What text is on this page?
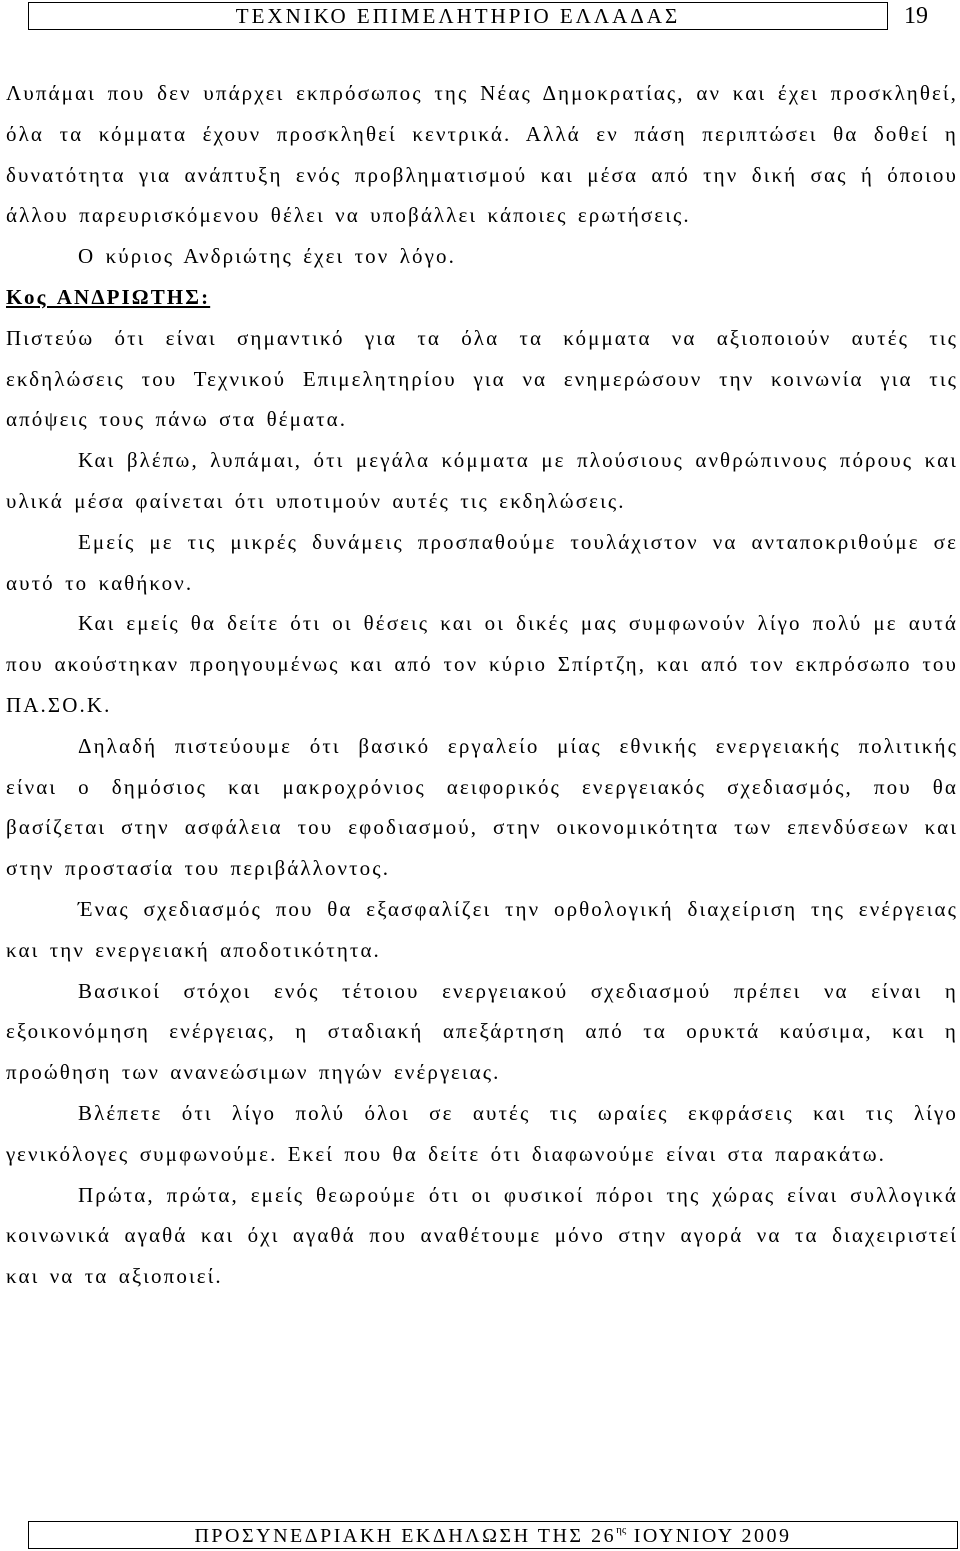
ΤΕΧΝΙΚΟ ΕΠΙΜΕΛΗΤΗΡΙΟ ΕΛΛΑΔΑΣ	19

Λυπάμαι που δεν υπάρχει εκπρόσωπος της Νέας Δημοκρατίας, αν και έχει προσκληθεί, όλα τα κόμματα έχουν προσκληθεί κεντρικά. Αλλά εν πάση περιπτώσει θα δοθεί η δυνατότητα για ανάπτυξη ενός προβληματισμού και μέσα από την δική σας ή όποιου άλλου παρευρισκόμενου θέλει να υποβάλλει κάποιες ερωτήσεις.

Ο κύριος Ανδριώτης έχει τον λόγο.

Κος ΑΝΔΡΙΩΤΗΣ:

Πιστεύω ότι είναι σημαντικό για τα όλα τα κόμματα να αξιοποιούν αυτές τις εκδηλώσεις του Τεχνικού Επιμελητηρίου για να ενημερώσουν την κοινωνία για τις απόψεις τους πάνω στα θέματα.

Και βλέπω, λυπάμαι, ότι μεγάλα κόμματα με πλούσιους ανθρώπινους πόρους και υλικά μέσα φαίνεται ότι υποτιμούν αυτές τις εκδηλώσεις.

Εμείς με τις μικρές δυνάμεις προσπαθούμε τουλάχιστον να ανταποκριθούμε σε αυτό το καθήκον.

Και εμείς θα δείτε ότι οι θέσεις και οι δικές μας συμφωνούν λίγο πολύ με αυτά που ακούστηκαν προηγουμένως και από τον κύριο Σπίρτζη, και από τον εκπρόσωπο του ΠΑ.ΣΟ.Κ.

Δηλαδή πιστεύουμε ότι βασικό εργαλείο μίας εθνικής ενεργειακής πολιτικής είναι ο δημόσιος και μακροχρόνιος αειφορικός ενεργειακός σχεδιασμός, που θα βασίζεται στην ασφάλεια του εφοδιασμού, στην οικονομικότητα των επενδύσεων και στην προστασία του περιβάλλοντος.

Ένας σχεδιασμός που θα εξασφαλίζει την ορθολογική διαχείριση της ενέργειας και την ενεργειακή αποδοτικότητα.

Βασικοί στόχοι ενός τέτοιου ενεργειακού σχεδιασμού πρέπει να είναι η εξοικονόμηση ενέργειας, η σταδιακή απεξάρτηση από τα ορυκτά καύσιμα, και η προώθηση των ανανεώσιμων πηγών ενέργειας.

Βλέπετε ότι λίγο πολύ όλοι σε αυτές τις ωραίες εκφράσεις και τις λίγο γενικόλογες συμφωνούμε. Εκεί που θα δείτε ότι διαφωνούμε είναι στα παρακάτω.

Πρώτα, πρώτα, εμείς θεωρούμε ότι οι φυσικοί πόροι της χώρας είναι συλλογικά κοινωνικά αγαθά και όχι αγαθά που αναθέτουμε μόνο στην αγορά να τα διαχειριστεί και να τα αξιοποιεί.

ΠΡΟΣΥΝΕΔΡΙΑΚΗ ΕΚΔΗΛΩΣΗ ΤΗΣ $26^{\eta\varsigma}$ ΙΟΥΝΙΟΥ 2009
